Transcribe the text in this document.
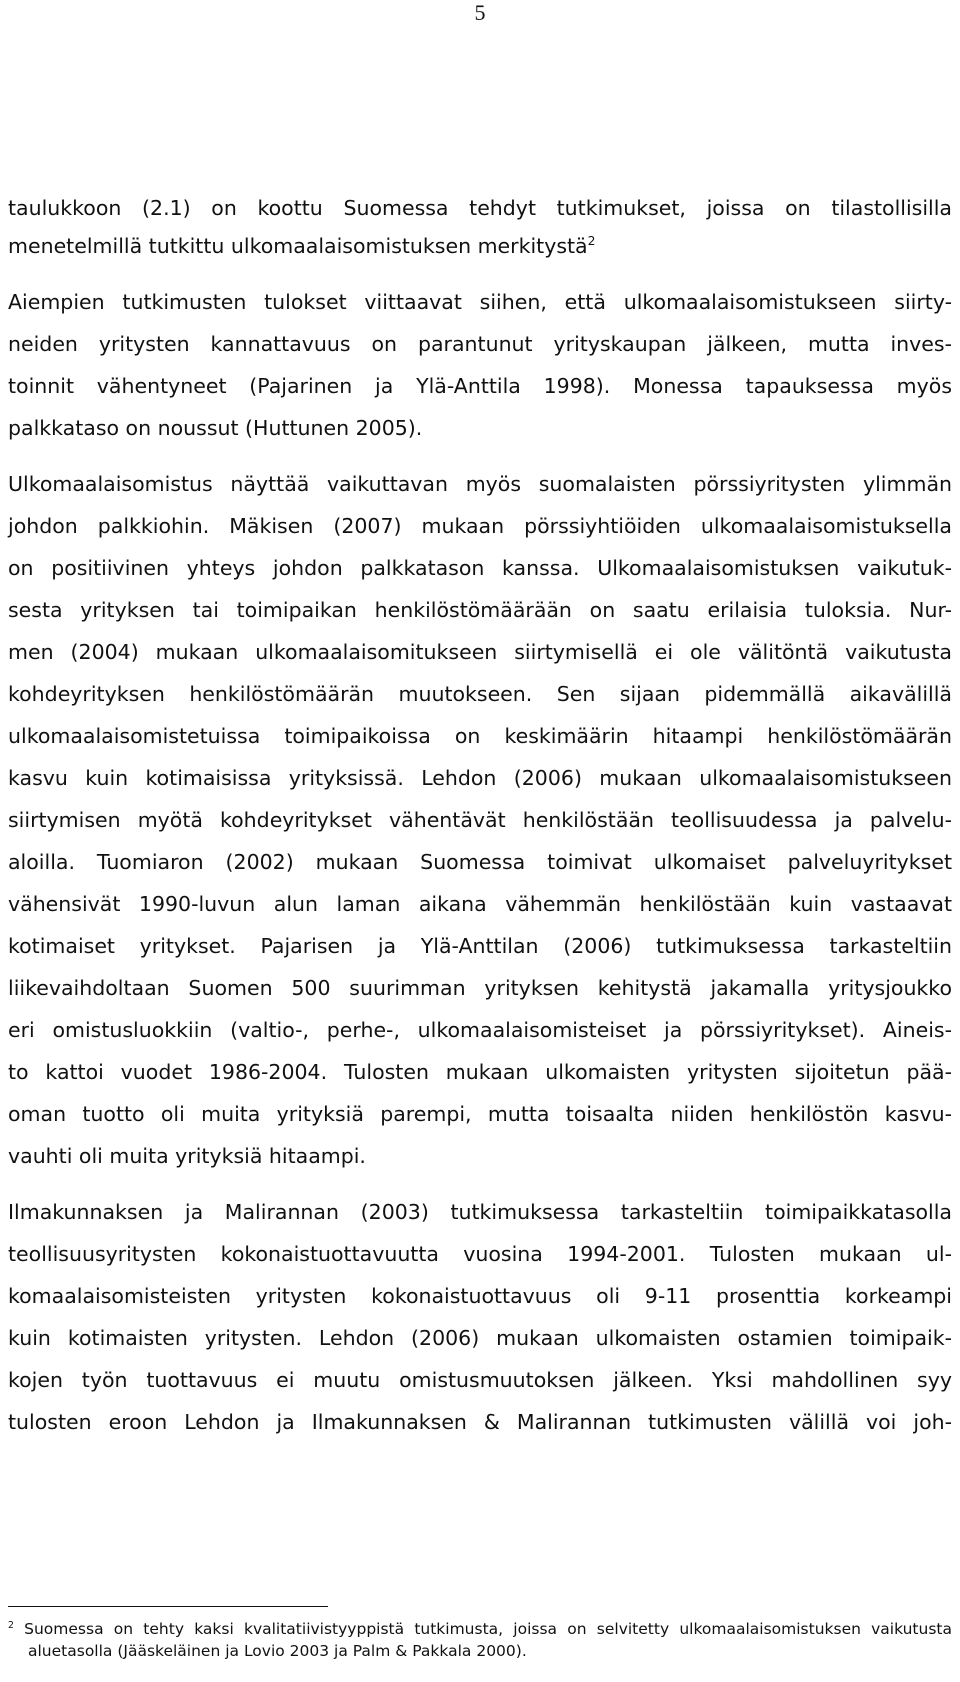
5
taulukkoon (2.1) on koottu Suomessa tehdyt tutkimukset, joissa on tilastollisilla
menetelmillä tutkittu ulkomaalaisomistuksen merkitystä$^2$
Aiempien tutkimusten tulokset viittaavat siihen, että ulkomaalaisomistukseen siirty-
neiden yritysten kannattavuus on parantunut yrityskaupan jälkeen, mutta inves-
toinnit vähentyneet (Pajarinen ja Ylä-Anttila 1998). Monessa tapauksessa myös
palkkataso on noussut (Huttunen 2005).
Ulkomaalaisomistus näyttää vaikuttavan myös suomalaisten pörssiyritysten ylimmän
johdon palkkiohin. Mäkisen (2007) mukaan pörssiyhtiöiden ulkomaalaisomistuksella
on positiivinen yhteys johdon palkkatason kanssa. Ulkomaalaisomistuksen vaikutuk-
sesta yrityksen tai toimipaikan henkilöstömäärään on saatu erilaisia tuloksia. Nur-
men (2004) mukaan ulkomaalaisomitukseen siirtymisellä ei ole välitöntä vaikutusta
kohdeyrityksen henkilöstömäärän muutokseen. Sen sijaan pidemmällä aikavälillä
ulkomaalaisomistetuissa toimipaikoissa on keskimäärin hitaampi henkilöstömäärän
kasvu kuin kotimaisissa yrityksissä. Lehdon (2006) mukaan ulkomaalaisomistukseen
siirtymisen myötä kohdeyritykset vähentävät henkilöstään teollisuudessa ja palvelu-
aloilla. Tuomiaron (2002) mukaan Suomessa toimivat ulkomaiset palveluyritykset
vähensivät 1990-luvun alun laman aikana vähemmän henkilöstään kuin vastaavat
kotimaiset yritykset. Pajarisen ja Ylä-Anttilan (2006) tutkimuksessa tarkasteltiin
liikevaihdoltaan Suomen 500 suurimman yrityksen kehitystä jakamalla yritysjoukko
eri omistusluokkiin (valtio-, perhe-, ulkomaalaisomisteiset ja pörssiyritykset). Aineis-
to kattoi vuodet 1986-2004. Tulosten mukaan ulkomaisten yritysten sijoitetun pää-
oman tuotto oli muita yrityksiä parempi, mutta toisaalta niiden henkilöstön kasvu-
vauhti oli muita yrityksiä hitaampi.
Ilmakunnaksen ja Malirannan (2003) tutkimuksessa tarkasteltiin toimipaikkatasolla
teollisuusyritysten kokonaistuottavuutta vuosina 1994-2001. Tulosten mukaan ul-
komaalaisomisteisten yritysten kokonaistuottavuus oli 9-11 prosenttia korkeampi
kuin kotimaisten yritysten. Lehdon (2006) mukaan ulkomaisten ostamien toimipaik-
kojen työn tuottavuus ei muutu omistusmuutoksen jälkeen. Yksi mahdollinen syy
tulosten eroon Lehdon ja Ilmakunnaksen & Malirannan tutkimusten välillä voi joh-
$^2$ Suomessa on tehty kaksi kvalitatiivistyyppistä tutkimusta, joissa on selvitetty ulkomaalaisomistuksen vaikutusta
aluetasolla (Jääskeläinen ja Lovio 2003 ja Palm & Pakkala 2000).
